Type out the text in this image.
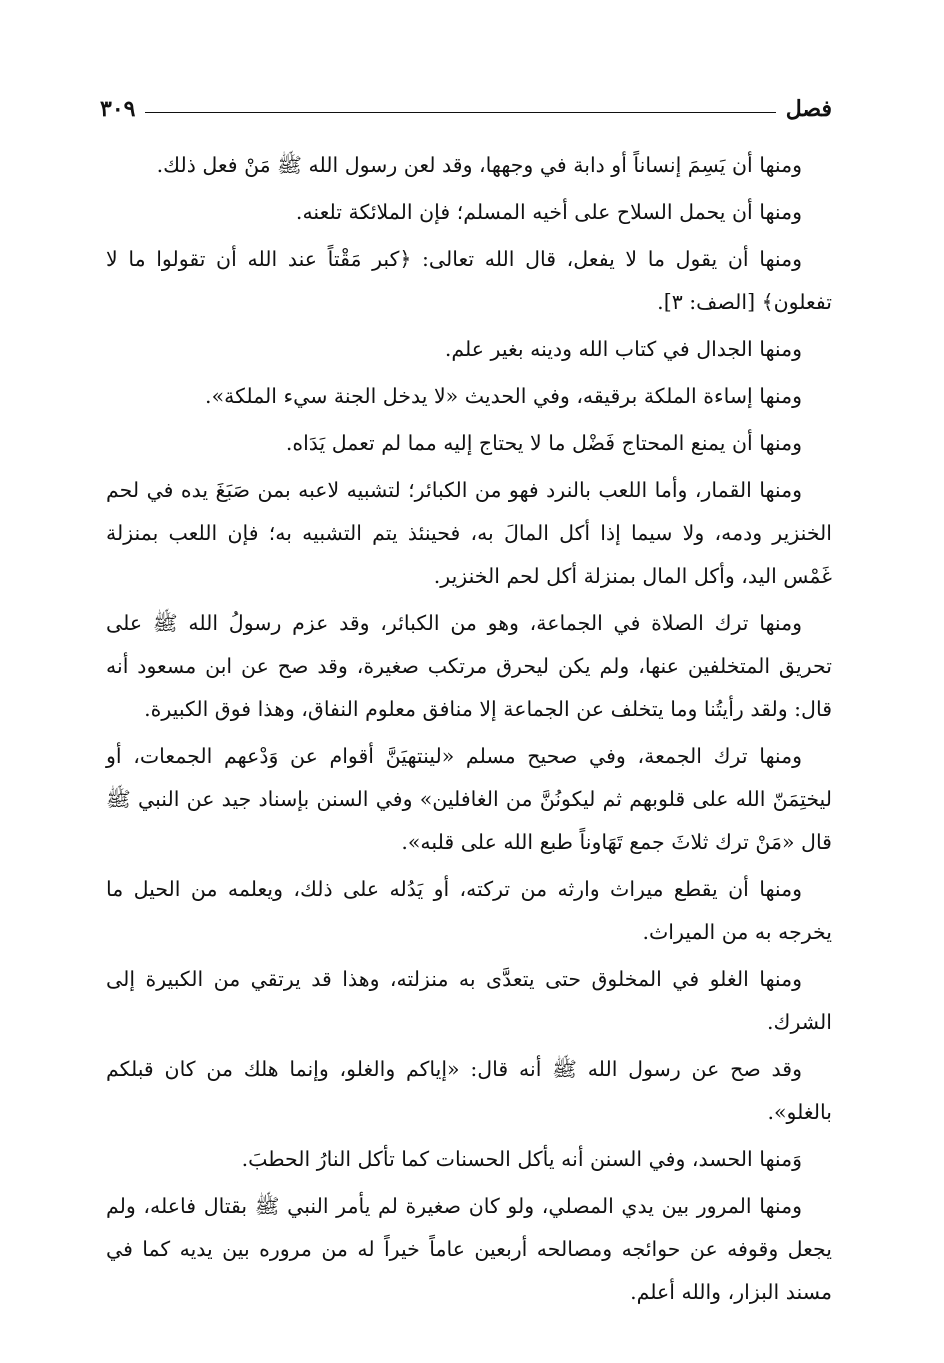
فصل
٣٠٩

ومنها أن يَسِمَ إنساناً أو دابة في وجهها، وقد لعن رسول الله ﷺ مَنْ فعل ذلك.

ومنها أن يحمل السلاح على أخيه المسلم؛ فإن الملائكة تلعنه.

ومنها أن يقول ما لا يفعل، قال الله تعالى: ﴿كبر مَقْتاً عند الله أن تقولوا ما لا تفعلون﴾ [الصف: ٣].

ومنها الجدال في كتاب الله ودينه بغير علم.

ومنها إساءة الملكة برقيقه، وفي الحديث «لا يدخل الجنة سيء الملكة».

ومنها أن يمنع المحتاج فَضْل ما لا يحتاج إليه مما لم تعمل يَدَاه.

ومنها القمار، وأما اللعب بالنرد فهو من الكبائر؛ لتشبيه لاعبه بمن صَبَغَ يده في لحم الخنزير ودمه، ولا سيما إذا أكل المالَ به، فحينئذ يتم التشبيه به؛ فإن اللعب بمنزلة غَمْس اليد، وأكل المال بمنزلة أكل لحم الخنزير.

ومنها ترك الصلاة في الجماعة، وهو من الكبائر، وقد عزم رسولُ الله ﷺ على تحريق المتخلفين عنها، ولم يكن ليحرق مرتكب صغيرة، وقد صح عن ابن مسعود أنه قال: ولقد رأيتُنا وما يتخلف عن الجماعة إلا منافق معلوم النفاق، وهذا فوق الكبيرة.

ومنها ترك الجمعة، وفي صحيح مسلم «لينتهيَنَّ أقوام عن وَدْعهم الجمعات، أو ليختِمَنّ الله على قلوبهم ثم ليكونُنَّ من الغافلين» وفي السنن بإسناد جيد عن النبي ﷺ قال «مَنْ ترك ثلاثَ جمع تَهَاوناً طبع الله على قلبه».

ومنها أن يقطع ميراث وارثه من تركته، أو يَدُله على ذلك، ويعلمه من الحيل ما يخرجه به من الميراث.

ومنها الغلو في المخلوق حتى يتعدَّى به منزلته، وهذا قد يرتقي من الكبيرة إلى الشرك.

وقد صح عن رسول الله ﷺ أنه قال: «إياكم والغلو، وإنما هلك من كان قبلكم بالغلو».

وَمنها الحسد، وفي السنن أنه يأكل الحسنات كما تأكل النارُ الحطبَ.

ومنها المرور بين يدي المصلي، ولو كان صغيرة لم يأمر النبي ﷺ بقتال فاعله، ولم يجعل وقوفه عن حوائجه ومصالحه أربعين عاماً خيراً له من مروره بين يديه كما في مسند البزار، والله أعلم.
